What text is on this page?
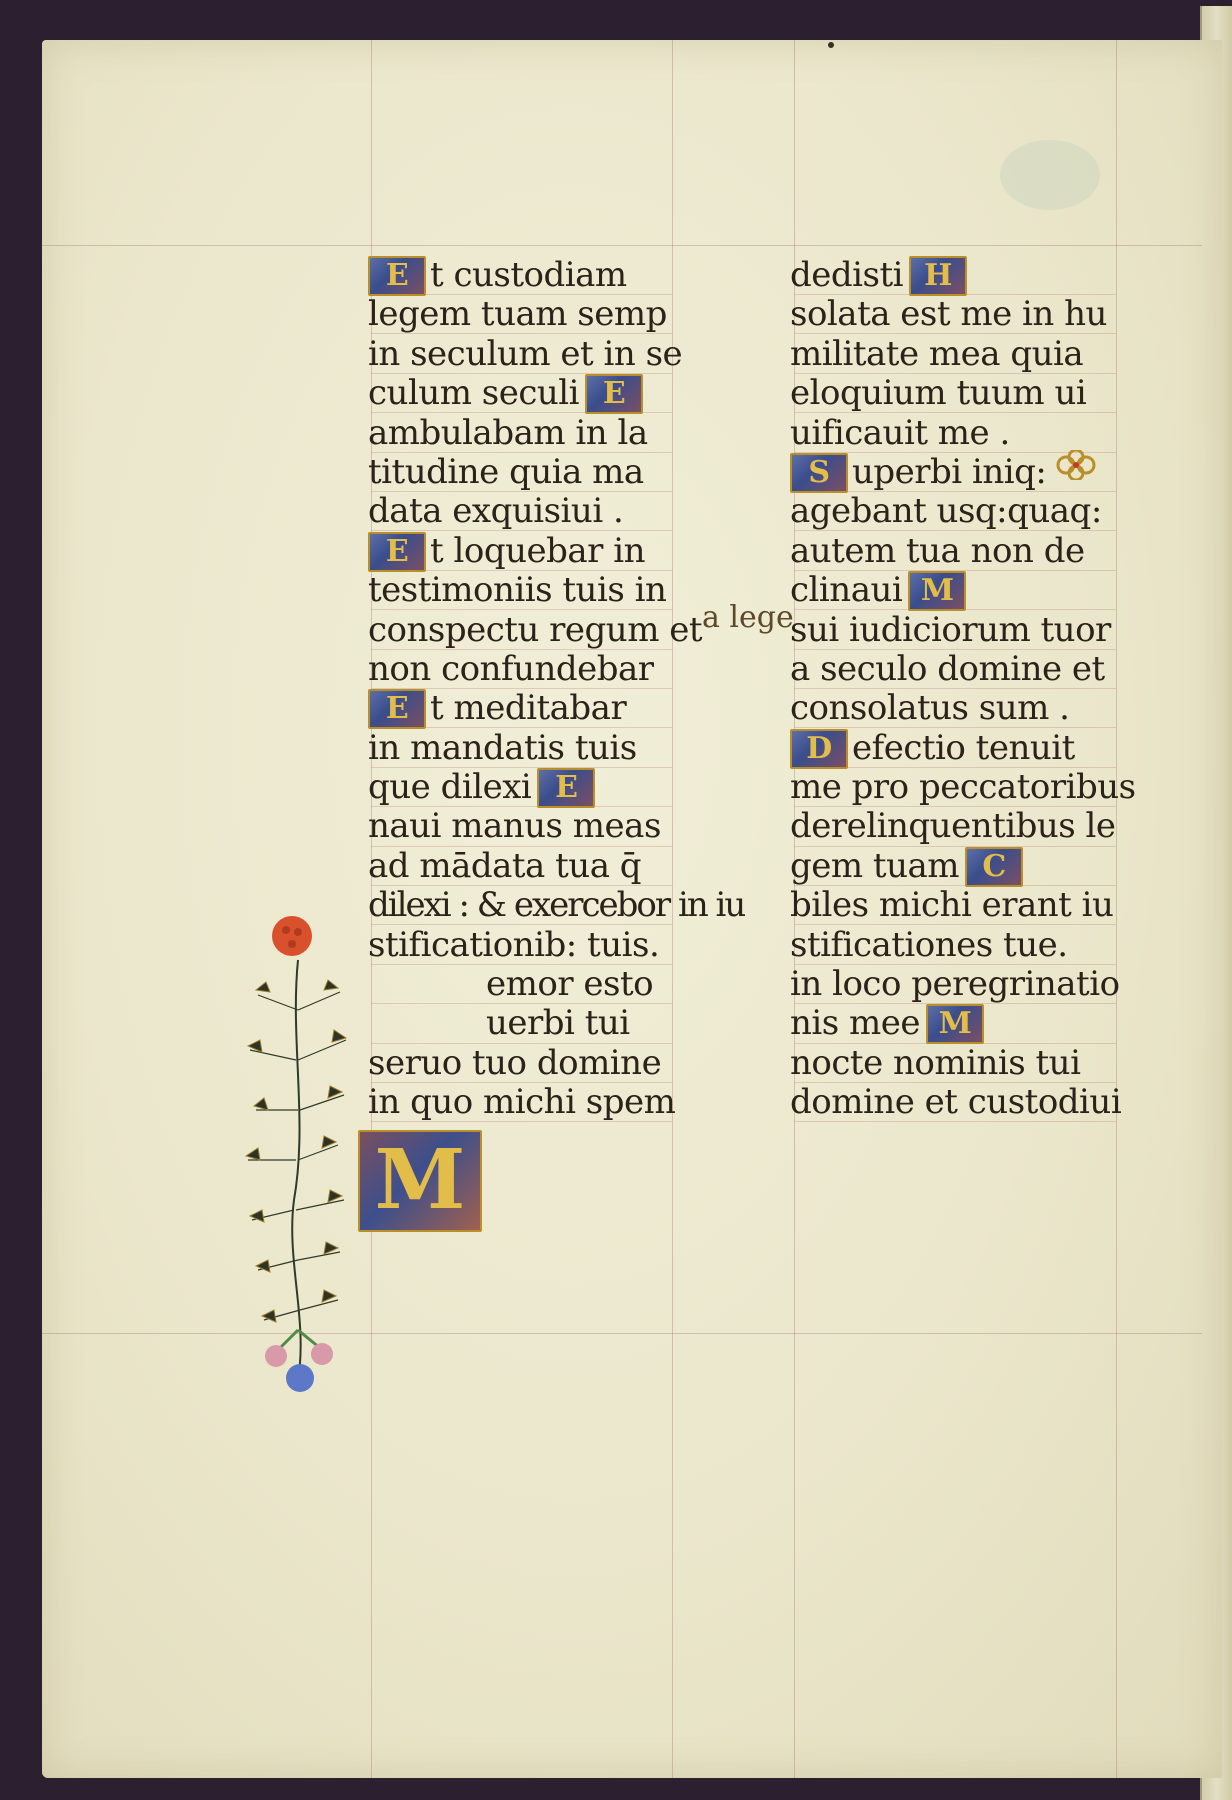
E t custodiam
legem tuam semp
in seculum et in se
culum seculi E
ambulabam in la
titudine quia ma
data exquisiui .
E t loquebar in
testimoniis tuis in
conspectu regum et
non confundebar
E t meditabar
in mandatis tuis
que dilexi E
naui manus meas
ad mādata tua q̄
dilexi : & exercebor in iu
stificationib: tuis.
emor esto
uerbi tui
seruo tuo domine
in quo michi spem
M
dedisti H
solata est me in hu
militate mea quia
eloquium tuum ui
uificauit me .
S uperbi iniq:
agebant usq:quaq:
autem tua non de
clinaui M
sui iudiciorum tuor
a seculo domine et
consolatus sum .
D efectio tenuit
me pro peccatoribus
derelinquentibus le
gem tuam C
biles michi erant iu
stificationes tue.
in loco peregrinatio
nis mee M
nocte nominis tui
domine et custodiui
a lege
